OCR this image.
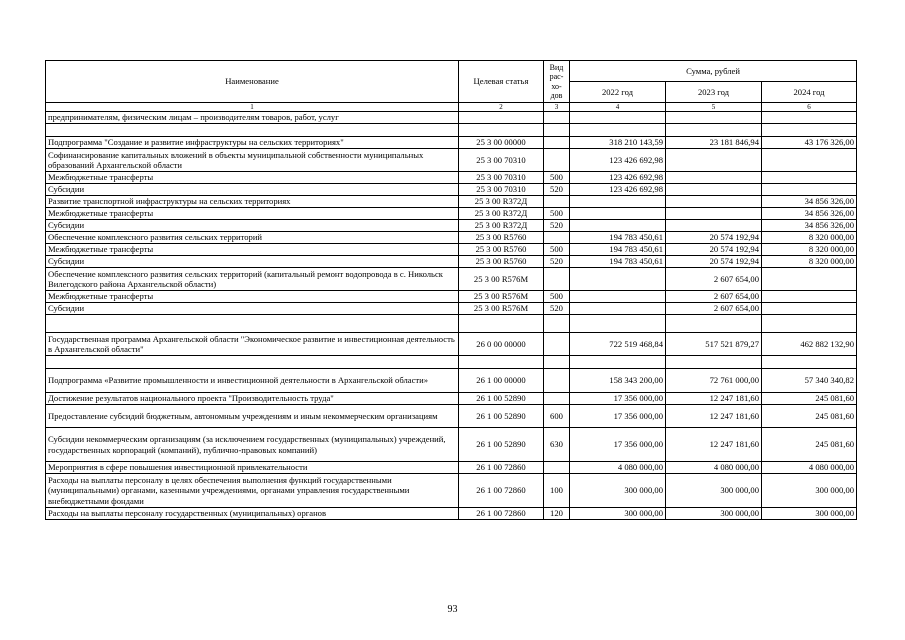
Наименование	Целевая статья	Вид рас-хо-дов	Сумма, рублей		
			2022 год	2023 год	2024 год
1	2	3	4	5	6
предпринимателям, физическим лицам – производителям товаров, работ, услуг					

Подпрограмма "Создание и развитие инфраструктуры на сельских территориях"	25 3 00 00000		318 210 143,59	23 181 846,94	43 176 326,00
Софинансирование капитальных вложений в объекты муниципальной собственности муниципальных образований Архангельской области	25 3 00 70310		123 426 692,98		
Межбюджетные трансферты	25 3 00 70310	500	123 426 692,98		
Субсидии	25 3 00 70310	520	123 426 692,98		
Развитие транспортной инфраструктуры на сельских территориях	25 3 00 R372Д				34 856 326,00
Межбюджетные трансферты	25 3 00 R372Д	500			34 856 326,00
Субсидии	25 3 00 R372Д	520			34 856 326,00
Обеспечение комплексного развития сельских территорий	25 3 00 R5760		194 783 450,61	20 574 192,94	8 320 000,00
Межбюджетные трансферты	25 3 00 R5760	500	194 783 450,61	20 574 192,94	8 320 000,00
Субсидии	25 3 00 R5760	520	194 783 450,61	20 574 192,94	8 320 000,00
Обеспечение комплексного развития сельских территорий (капитальный ремонт водопровода в с. Никольск Вилегодского района Архангельской области)	25 3 00 R576М			2 607 654,00	
Межбюджетные трансферты	25 3 00 R576М	500		2 607 654,00	
Субсидии	25 3 00 R576М	520		2 607 654,00	

Государственная программа Архангельской области "Экономическое развитие и инвестиционная деятельность в Архангельской области"	26 0 00 00000		722 519 468,84	517 521 879,27	462 882 132,90

Подпрограмма «Развитие промышленности и инвестиционной деятельности в Архангельской области»	26 1 00 00000		158 343 200,00	72 761 000,00	57 340 340,82
Достижение результатов национального проекта "Производительность труда"	26 1 00 52890		17 356 000,00	12 247 181,60	245 081,60
Предоставление субсидий бюджетным, автономным учреждениям и иным некоммерческим организациям	26 1 00 52890	600	17 356 000,00	12 247 181,60	245 081,60
Субсидии некоммерческим организациям (за исключением государственных (муниципальных) учреждений, государственных корпораций (компаний), публично-правовых компаний)	26 1 00 52890	630	17 356 000,00	12 247 181,60	245 081,60
Мероприятия в сфере повышения инвестиционной привлекательности	26 1 00 72860		4 080 000,00	4 080 000,00	4 080 000,00
Расходы на выплаты персоналу в целях обеспечения выполнения функций государственными (муниципальными) органами, казенными учреждениями, органами управления государственными внебюджетными фондами	26 1 00 72860	100	300 000,00	300 000,00	300 000,00
Расходы на выплаты персоналу государственных (муниципальных) органов	26 1 00 72860	120	300 000,00	300 000,00	300 000,00
93
